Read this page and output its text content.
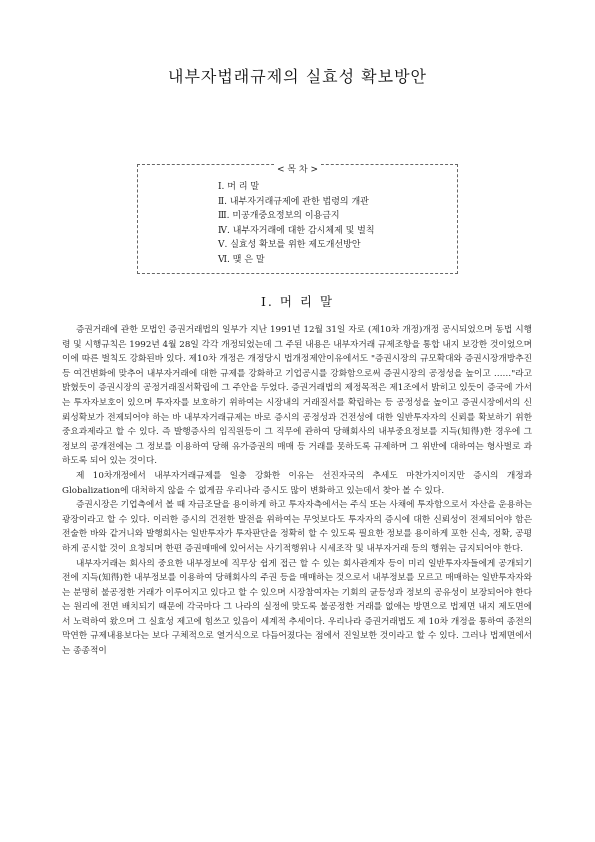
내부자법래규제의 실효성 확보방안
< 목 차 >
Ⅰ. 머 리 말
Ⅱ. 내부자거래규제에 관한 법령의 개관
Ⅲ. 미공개중요정보의 이용금지
Ⅳ. 내부자거래에 대한 감시체제 및 벌칙
Ⅴ. 실효성 확보를 위한 제도개선방안
Ⅵ. 맺 은 말
Ⅰ. 머 리 말

증권거래에 관한 모법인 증권거래법의 일부가 지난 1991년 12월 31일 자로 (제10차 개정)개정 공시되었으며 동법 시행령 및 시행규칙은 1992년 4월 28일 각각 개정되었는데 그 주된 내용은 내부자거래 규제조항을 통합 내지 보강한 것이었으며 이에 따른 벌칙도 강화된바 있다. 제10차 개정은 개정당시 법개정제안이유에서도 "증권시장의 규모확대와 증권시장개방추진등 여건변화에 맞추어 내부자거래에 대한 규제를 강화하고 기업공시를 강화함으로써 증권시장의 공정성을 높이고 ……"라고 밝혔듯이 증권시장의 공정거래질서확립에 그 주안을 두었다. 증권거래법의 제정목적은 제1조에서 밝히고 있듯이 증국에 가서는 투자자보호이 있으며 투자자를 보호하기 위하여는 시장내의 거래질서를 확립하는 등 공정성을 높이고 증권시장에서의 신뢰성확보가 전제되어야 하는 바 내부자거래규제는 바로 증시의 공정성과 건전성에 대한 일반투자자의 신뢰를 확보하기 위한 중요과제라고 할 수 있다. 즉 발행증사의 임직원등이 그 직무에 관하여 당해회사의 내부중요정보를 지득(知得)한 경우에 그 정보의 공개전에는 그 정보를 이용하여 당해 유가증권의 매매 등 거래를 못하도록 규제하며 그 위반에 대하여는 형사벌로 과하도록 되어 있는 것이다.

제 10차개정에서 내부자거래규제를 일층 강화한 이유는 선진자국의 추세도 마찬가지이지만 증시의 개정과 Globalization에 대처하지 않을 수 없게끔 우리나라 증시도 많이 변화하고 있는데서 찾아 볼 수 있다.

증권시장은 기업측에서 볼 때 자금조달을 용이하게 하고 투자자측에서는 주식 또는 사채에 투자함으로서 자산을 운용하는 광장이라고 할 수 있다. 이러한 증시의 건전한 발전을 위하여는 무엇보다도 투자자의 증시에 대한 신뢰성이 전제되어야 함은 전술한 바와 같거니와 발행회사는 일반투자가 투자판단을 정확히 할 수 있도록 필요한 정보를 용이하게 포한 신속, 정확, 공평하게 공시할 것이 요청되며 한편 증권매매에 있어서는 사기적행위나 시세조작 및 내부자거래 등의 행위는 금지되어야 한다.

내부자거래는 회사의 중요한 내부정보에 직무상 쉽게 접근 할 수 있는 회사관계자 등이 미리 일반투자자들에게 공개되기 전에 지득(知得)한 내부정보를 이용하여 당해회사의 주권 등을 매매하는 것으로서 내부정보를 모르고 매매하는 일반투자자와는 분명히 불공정한 거래가 이루어지고 있다고 할 수 있으며 시장참여자는 기회의 균등성과 정보의 공유성이 보장되어야 한다는 원리에 전면 배치되기 때문에 각국마다 그 나라의 실정에 맞도록 불공정한 거래를 없애는 방면으로 법제면 내지 제도면에서 노력하여 왔으며 그 실효성 제고에 힘쓰고 있음이 세계적 추세이다. 우리나라 증권거래법도 제 10차 개정을 통하여 종전의 막연한 규제내용보다는 보다 구체적으로 열거식으로 다듬어졌다는 점에서 진일보한 것이라고 할 수 있다. 그러나 법제면에서는 종종적이
